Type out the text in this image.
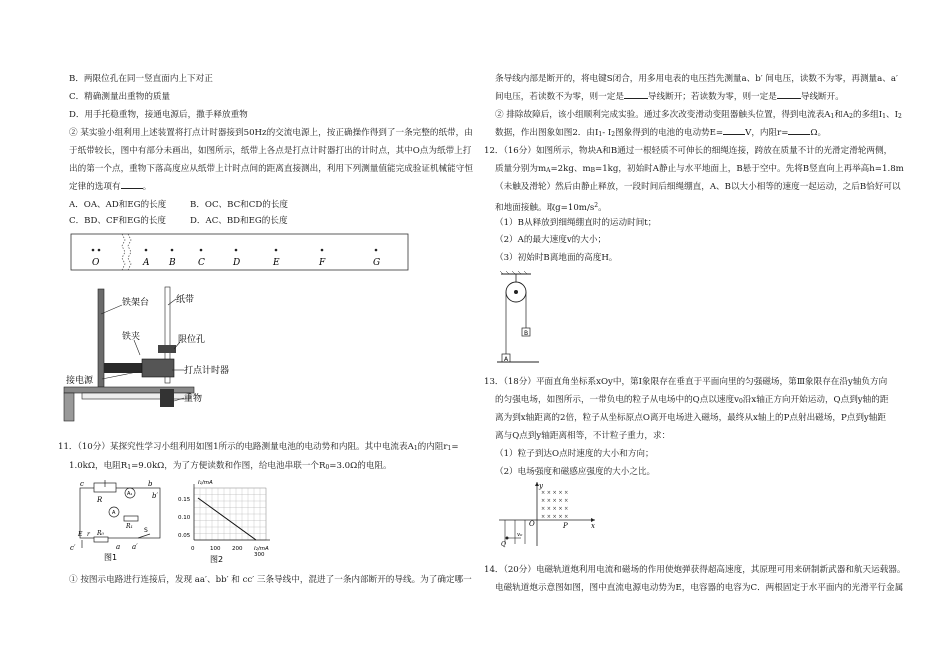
B．两限位孔在同一竖直面内上下对正
C．精确测量出重物的质量
D．用手托稳重物，接通电源后，撒手释放重物
② 某实验小组利用上述装置将打点计时器接到50Hz的交流电源上，按正确操作得到了一条完整的纸带，由
于纸带较长，图中有部分未画出，如图所示，纸带上各点是打点计时器打出的计时点，其中O点为纸带上打
出的第一个点，重物下落高度应从纸带上计时点间的距离直接测出，利用下列测量值能完成验证机械能守恒
定律的选项有	。
A．OA、AD和EG的长度	B．OC、BC和CD的长度
C．BD、CF和EG的长度	D．AC、BD和EG的长度
O	A B C	D	E	F	G
铁架台	纸带
铁夹	限位孔
打点计时器
接电源
重物
11．（10分）某探究性学习小组利用如图1所示的电路测量电池的电动势和内阻。其中电流表A1的内阻r1=
1.0kΩ，电阻R1=9.0kΩ，为了方便读数和作图，给电池串联一个R0=3.0Ω的电阻。
A₁
A
c
b′
b
R
R₁
E r R₀	S
c′	a a′
图1
I₁/mA
I₂/mA
0.15
0.10
0.05
0	100 200
300
图2
① 按图示电路进行连接后，发现 aa′、bb′ 和 cc′ 三条导线中，混进了一条内部断开的导线。为了确定哪一
条导线内部是断开的，将电键S闭合，用多用电表的电压挡先测量a、b′ 间电压，读数不为零，再测量a、a′
间电压，若读数不为零，则一定是	导线断开；若读数为零，则一定是	导线断开。
② 排除故障后，该小组顺利完成实验。通过多次改变滑动变阻器触头位置，得到电流表A1和A2的多组I1、I2
数据，作出图象如图2．由I1- I2图象得到的电池的电动势E=	V，内阻r=	Ω。
12．（16分）如图所示，物块A和B通过一根轻质不可伸长的细绳连接，跨放在质量不计的光滑定滑轮两侧，
质量分别为mA=2kg、mB=1kg，初始时A静止与水平地面上，B悬于空中。先将B竖直向上再举高h=1.8m
（未触及滑轮）然后由静止释放，一段时间后细绳绷直，A、B以大小相等的速度一起运动，之后B恰好可以
和地面接触。取$g=10m/s^2$。
（1）B从释放到细绳绷直时的运动时间t；
（2）A的最大速度v的大小；
（3）初始时B离地面的高度H。
B
A
13．（18分）平面直角坐标系xOy中，第Ⅰ象限存在垂直于平面向里的匀强磁场，第Ⅲ象限存在沿y轴负方向
的匀强电场，如图所示，一带负电的粒子从电场中的Q点以速度v0沿x轴正方向开始运动，Q点到y轴的距
离为到x轴距离的2倍，粒子从坐标原点O离开电场进入磁场，最终从x轴上的P点射出磁场，P点到y轴距
离与Q点到y轴距离相等，不计粒子重力，求：
（1）粒子到达O点时速度的大小和方向；
（2）电场强度和磁感应强度的大小之比。
y
x
O	P
× × × × ×
× × × × ×
× × × × ×
× × × × ×
Q
v₀
14．（20分）电磁轨道炮利用电流和磁场的作用使炮弹获得超高速度，其原理可用来研制新武器和航天运载器。
电磁轨道炮示意图如图，图中直流电源电动势为E，电容器的电容为C．两根固定于水平面内的光滑平行金属
